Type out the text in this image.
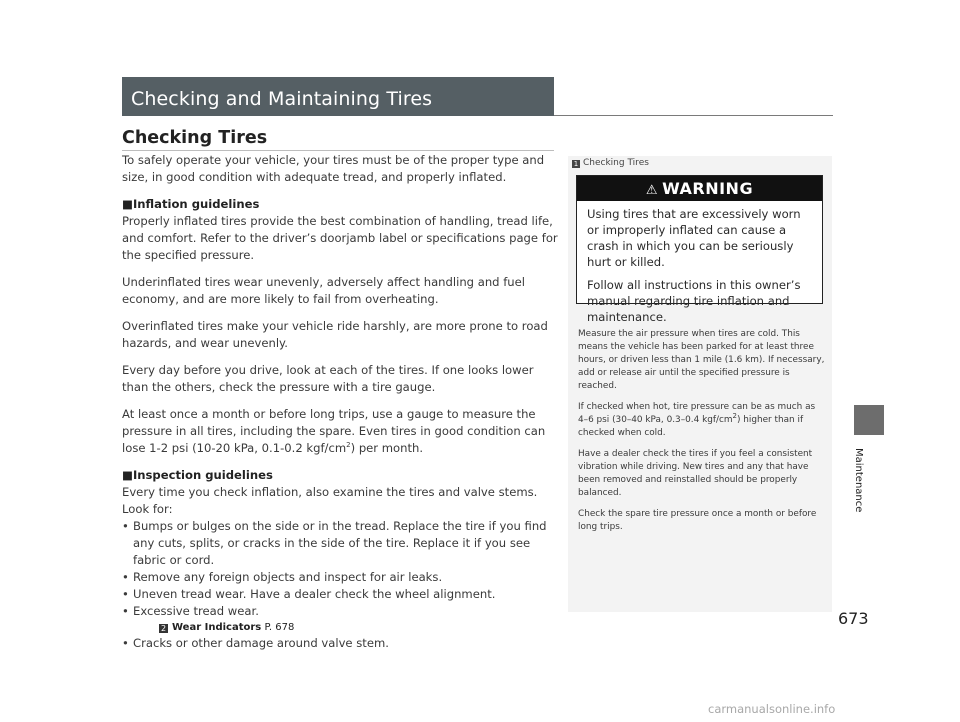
Checking and Maintaining Tires
Checking Tires

To safely operate your vehicle, your tires must be of the proper type and size, in good condition with adequate tread, and properly inflated.

■Inflation guidelines

Properly inflated tires provide the best combination of handling, tread life, and comfort. Refer to the driver’s doorjamb label or specifications page for the specified pressure.

Underinflated tires wear unevenly, adversely affect handling and fuel economy, and are more likely to fail from overheating.

Overinflated tires make your vehicle ride harshly, are more prone to road hazards, and wear unevenly.

Every day before you drive, look at each of the tires. If one looks lower than the others, check the pressure with a tire gauge.

At least once a month or before long trips, use a gauge to measure the pressure in all tires, including the spare. Even tires in good condition can lose 1-2 psi (10-20 kPa, 0.1-0.2 kgf/$cm^2$) per month.

■Inspection guidelines

Every time you check inflation, also examine the tires and valve stems. Look for:

• Bumps or bulges on the side or in the tread. Replace the tire if you find any cuts, splits, or cracks in the side of the tire. Replace it if you see fabric or cord.
• Remove any foreign objects and inspect for air leaks.
• Uneven tread wear. Have a dealer check the wheel alignment.
• Excessive tread wear.
2 Wear Indicators P. 678
• Cracks or other damage around valve stem.
1 Checking Tires
⚠ WARNING

Using tires that are excessively worn or improperly inflated can cause a crash in which you can be seriously hurt or killed.

Follow all instructions in this owner’s manual regarding tire inflation and maintenance.

Measure the air pressure when tires are cold. This means the vehicle has been parked for at least three hours, or driven less than 1 mile (1.6 km). If necessary, add or release air until the specified pressure is reached.

If checked when hot, tire pressure can be as much as 4–6 psi (30–40 kPa, 0.3–0.4 kgf/$cm^2$) higher than if checked when cold.

Have a dealer check the tires if you feel a consistent vibration while driving. New tires and any that have been removed and reinstalled should be properly balanced.

Check the spare tire pressure once a month or before long trips.

Maintenance
673
carmanualsonline.info
